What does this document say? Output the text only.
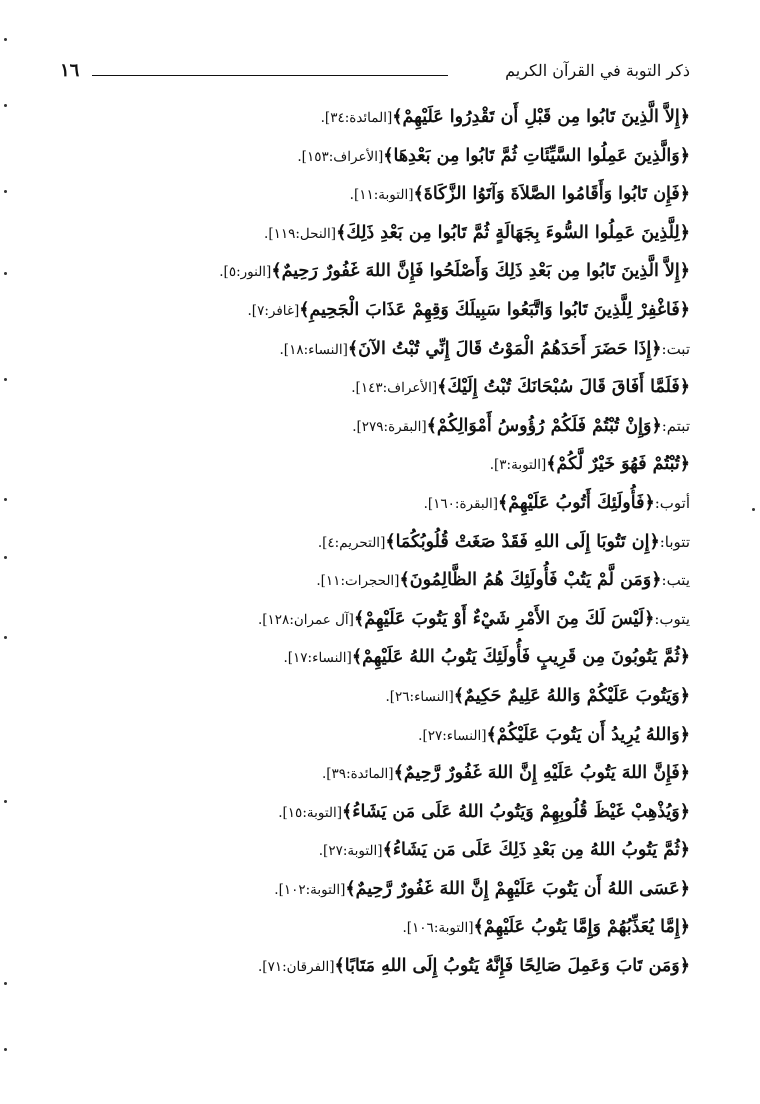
١٦	ذكر التوبة في القرآن الكريم
﴿إِلاَّ الَّذِينَ تَابُوا مِن قَبْلِ أَن تَقْدِرُوا عَلَيْهِمْ﴾[المائدة:٣٤].
﴿وَالَّذِينَ عَمِلُوا السَّيِّئَاتِ ثُمَّ تَابُوا مِن بَعْدِهَا﴾[الأعراف:١٥٣].
﴿فَإِن تَابُوا وَأَقَامُوا الصَّلاَةَ وَآتَوُا الزَّكَاةَ﴾[التوبة:١١].
﴿لِلَّذِينَ عَمِلُوا السُّوءَ بِجَهَالَةٍ ثُمَّ تَابُوا مِن بَعْدِ ذَلِكَ﴾[النحل:١١٩].
﴿إِلاَّ الَّذِينَ تَابُوا مِن بَعْدِ ذَلِكَ وَأَصْلَحُوا فَإِنَّ اللهَ غَفُورٌ رَحِيمٌ﴾[النور:٥].
﴿فَاغْفِرْ لِلَّذِينَ تَابُوا وَاتَّبَعُوا سَبِيلَكَ وَقِهِمْ عَذَابَ الْجَحِيمِ﴾[غافر:٧].
تبت:﴿إِذَا حَضَرَ أَحَدَهُمُ الْمَوْتُ قَالَ إِنِّي تُبْتُ الآنَ﴾[النساء:١٨].
﴿فَلَمَّا أَفَاقَ قَالَ سُبْحَانَكَ تُبْتُ إِلَيْكَ﴾[الأعراف:١٤٣].
تبتم:﴿وَإِنْ تُبْتُمْ فَلَكُمْ رُؤُوسُ أَمْوَالِكُمْ﴾[البقرة:٢٧٩].
﴿تُبْتُمْ فَهُوَ خَيْرٌ لَّكُمْ﴾[التوبة:٣].
أتوب:﴿فَأُولَئِكَ أَتُوبُ عَلَيْهِمْ﴾[البقرة:١٦٠].
تتوبا:﴿إِن تَتُوبَا إِلَى اللهِ فَقَدْ صَغَتْ قُلُوبُكُمَا﴾[التحريم:٤].
يتب:﴿وَمَن لَّمْ يَتُبْ فَأُولَئِكَ هُمُ الظَّالِمُونَ﴾[الحجرات:١١].
يتوب:﴿لَيْسَ لَكَ مِنَ الأَمْرِ شَيْءٌ أَوْ يَتُوبَ عَلَيْهِمْ﴾[آل عمران:١٢٨].
﴿ثُمَّ يَتُوبُونَ مِن قَرِيبٍ فَأُولَئِكَ يَتُوبُ اللهُ عَلَيْهِمْ﴾[النساء:١٧].
﴿وَيَتُوبَ عَلَيْكُمْ وَاللهُ عَلِيمٌ حَكِيمٌ﴾[النساء:٢٦].
﴿وَاللهُ يُرِيدُ أَن يَتُوبَ عَلَيْكُمْ﴾[النساء:٢٧].
﴿فَإِنَّ اللهَ يَتُوبُ عَلَيْهِ إِنَّ اللهَ غَفُورٌ رَّحِيمٌ﴾[المائدة:٣٩].
﴿وَيُذْهِبْ غَيْظَ قُلُوبِهِمْ وَيَتُوبُ اللهُ عَلَى مَن يَشَاءُ﴾[التوبة:١٥].
﴿ثُمَّ يَتُوبُ اللهُ مِن بَعْدِ ذَلِكَ عَلَى مَن يَشَاءُ﴾[التوبة:٢٧].
﴿عَسَى اللهُ أَن يَتُوبَ عَلَيْهِمْ إِنَّ اللهَ غَفُورٌ رَّحِيمٌ﴾[التوبة:١٠٢].
﴿إِمَّا يُعَذِّبُهُمْ وَإِمَّا يَتُوبُ عَلَيْهِمْ﴾[التوبة:١٠٦].
﴿وَمَن تَابَ وَعَمِلَ صَالِحًا فَإِنَّهُ يَتُوبُ إِلَى اللهِ مَتَابًا﴾[الفرقان:٧١].
